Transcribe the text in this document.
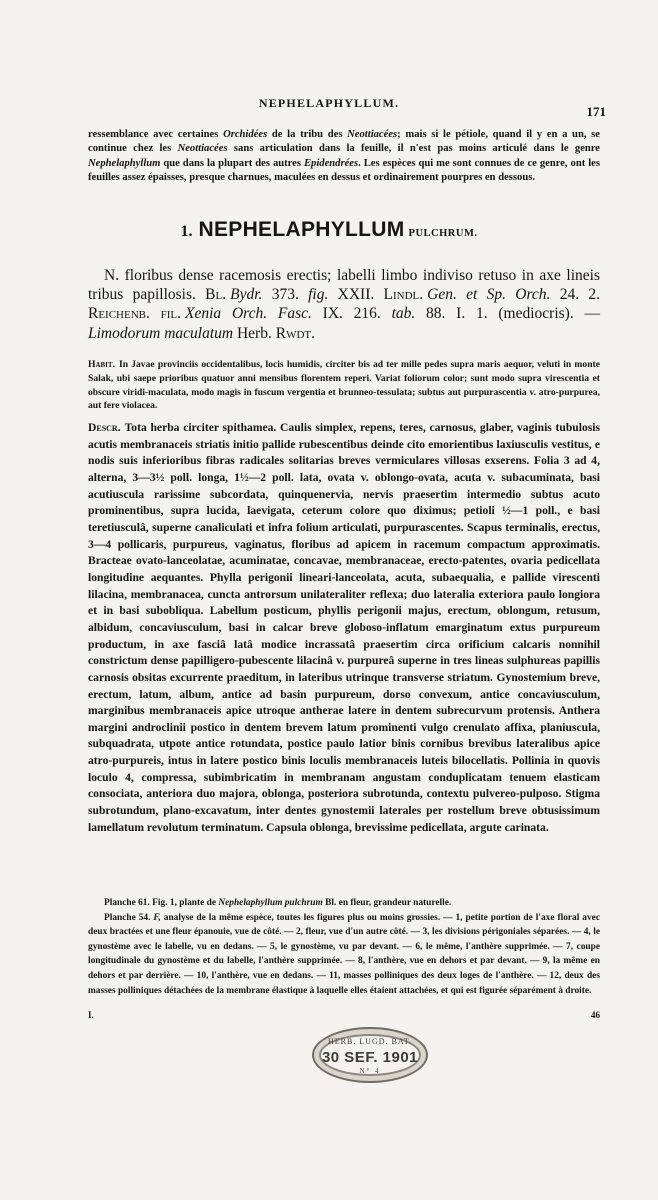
NEPHELAPHYLLUM.
171

ressemblance avec certaines Orchidées de la tribu des Neottiacées; mais si le pétiole, quand il y en a un, se continue chez les Neottiacées sans articulation dans la feuille, il n'est pas moins articulé dans le genre Nephelaphyllum que dans la plupart des autres Epidendrées. Les espèces qui me sont connues de ce genre, ont les feuilles assez épaisses, presque charnues, maculées en dessus et ordinairement pourpres en dessous.

1. NEPHELAPHYLLUM PULCHRUM.

N. floribus dense racemosis erectis; labelli limbo indiviso retuso in axe lineis tribus papillosis. Bl. Bydr. 373. fig. XXII. Lindl. Gen. et Sp. Orch. 24. 2. Reichenb. fil. Xenia Orch. Fasc. IX. 216. tab. 88. I. 1. (mediocris). — Limodorum maculatum Herb. Rwdt.

Habit. In Javae provinciis occidentalibus, locis humidis, circiter bis ad ter mille pedes supra maris aequor, veluti in monte Salak, ubi saepe prioribus quatuor anni mensibus florentem reperi. Variat foliorum color; sunt modo supra virescentia et obscure viridi-maculata, modo magis in fuscum vergentia et brunneo-tessulata; subtus aut purpurascentia v. atro-purpurea, aut fere violacea.

Descr. Tota herba circiter spithamea. Caulis simplex, repens, teres, carnosus, glaber, vaginis tubulosis acutis membranaceis striatis initio pallide rubescentibus deinde cito emorientibus laxiusculis vestitus, e nodis suis inferioribus fibras radicales solitarias breves vermiculares villosas exserens. Folia 3 ad 4, alterna, 3—3½ poll. longa, 1½—2 poll. lata, ovata v. oblongo-ovata, acuta v. subacuminata, basi acutiuscula rarissime subcordata, quinquenervia, nervis praesertim intermedio subtus acuto prominentibus, supra lucida, laevigata, ceterum colore quo diximus; petioli ½—1 poll., e basi teretiusculâ, superne canaliculati et infra folium articulati, purpurascentes. Scapus terminalis, erectus, 3—4 pollicaris, purpureus, vaginatus, floribus ad apicem in racemum compactum approximatis. Bracteae ovato-lanceolatae, acuminatae, concavae, membranaceae, erecto-patentes, ovaria pedicellata longitudine aequantes. Phylla perigonii lineari-lanceolata, acuta, subaequalia, e pallide virescenti lilacina, membranacea, cuncta antrorsum unilateraliter reflexa; duo lateralia exteriora paulo longiora et in basi subobliqua. Labellum posticum, phyllis perigonii majus, erectum, oblongum, retusum, albidum, concaviusculum, basi in calcar breve globoso-inflatum emarginatum extus purpureum productum, in axe fasciâ latâ modice incrassatâ praesertim circa orificium calcaris nonnihil constrictum dense papilligero-pubescente lilacinâ v. purpureâ superne in tres lineas sulphureas papillis carnosis obsitas excurrente praeditum, in lateribus utrinque transverse striatum. Gynostemium breve, erectum, latum, album, antice ad basin purpureum, dorso convexum, antice concaviusculum, marginibus membranaceis apice utroque antherae latere in dentem subrecurvum protensis. Anthera margini androclinii postico in dentem brevem latum prominenti vulgo crenulato affixa, planiuscula, subquadrata, utpote antice rotundata, postice paulo latior binis cornibus brevibus lateralibus apice atro-purpureis, intus in latere postico binis loculis membranaceis luteis bilocellatis. Pollinia in quovis loculo 4, compressa, subimbricatim in membranam angustam conduplicatam tenuem elasticam consociata, anteriora duo majora, oblonga, posteriora subrotunda, contextu pulvereo-pulposo. Stigma subrotundum, plano-excavatum, inter dentes gynostemii laterales per rostellum breve obtusissimum lamellatum revolutum terminatum. Capsula oblonga, brevissime pedicellata, argute carinata.

Planche 61. Fig. 1, plante de Nephelaphyllum pulchrum Bl. en fleur, grandeur naturelle.

Planche 54. F, analyse de la même espèce, toutes les figures plus ou moins grossies. — 1, petite portion de l'axe floral avec deux bractées et une fleur épanouie, vue de côté. — 2, fleur, vue d'un autre côté. — 3, les divisions périgoniales séparées. — 4, le gynostème avec le labelle, vu en dedans. — 5, le gynostème, vu par devant. — 6, le même, l'anthère supprimée. — 7, coupe longitudinale du gynostème et du labelle, l'anthère supprimée. — 8, l'anthère, vue en dehors et par devant. — 9, la même en dehors et par derrière. — 10, l'anthère, vue en dedans. — 11, masses polliniques des deux loges de l'anthère. — 12, deux des masses polliniques détachées de la membrane élastique à laquelle elles étaient attachées, et qui est figurée séparément à droite.

I.	46
HERB. LUGD. BAT.
30 SEF. 1901
N° 4
